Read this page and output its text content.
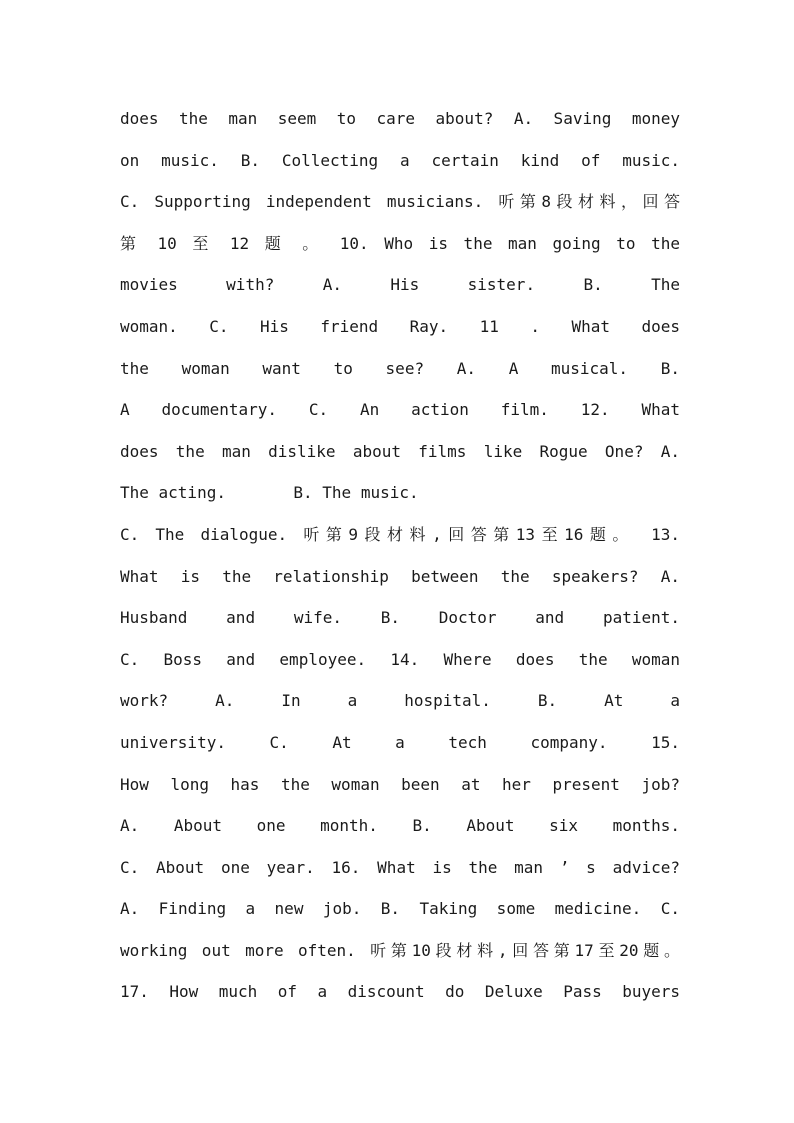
does the man seem to care about? A. Saving money
on music. B. Collecting a certain kind of music.
C. Supporting independent musicians. 听第8段材料，回答
第 10 至 12 题 。 10. Who is the man going to the
movies with? A. His sister. B. The
woman. C. His friend Ray. 11 . What does
the woman want to see? A. A musical. B.
A documentary. C. An action film. 12. What
does the man dislike about films like Rogue One? A.
The acting.       B. The music.
C. The dialogue. 听第9段材料,回答第13至16题。 13.
What is the relationship between the speakers? A.
Husband and wife. B. Doctor and patient.
C. Boss and employee. 14. Where does the woman
work? A. In a hospital. B. At a
university. C. At a tech company. 15.
How long has the woman been at her present job?
A. About one month. B. About six months.
C. About one year. 16. What is the man ’ s advice?
A. Finding a new job. B. Taking some medicine. C.
working out more often. 听第10段材料,回答第17至20题。
17. How much of a discount do Deluxe Pass buyers
